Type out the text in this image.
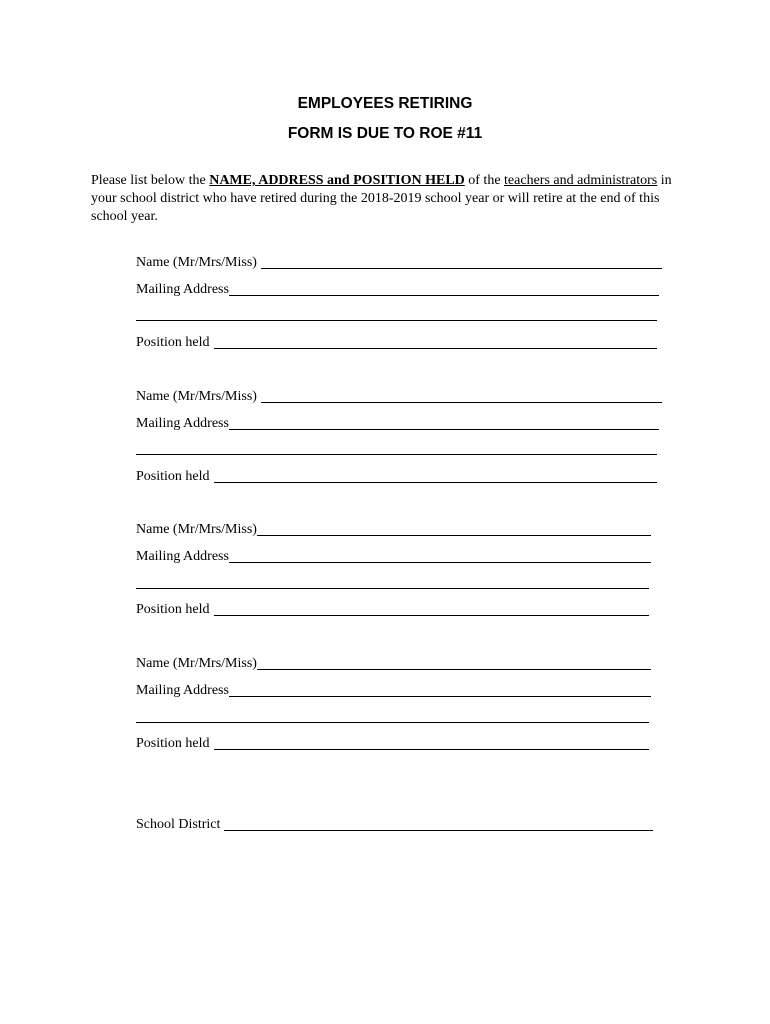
EMPLOYEES RETIRING
FORM IS DUE TO ROE #11

Please list below the NAME, ADDRESS and POSITION HELD of the teachers and administrators in your school district who have retired during the 2018-2019 school year or will retire at the end of this school year.

Name (Mr/Mrs/Miss)
Mailing Address
Position held
Name (Mr/Mrs/Miss)
Mailing Address
Position held
Name (Mr/Mrs/Miss)
Mailing Address
Position held
Name (Mr/Mrs/Miss)
Mailing Address
Position held
School District
